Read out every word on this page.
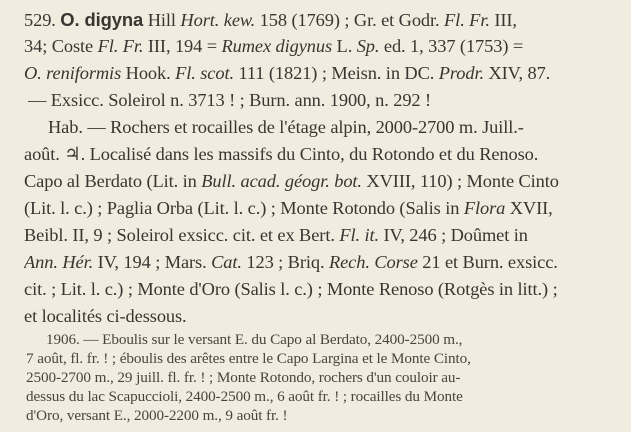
529. O. digyna Hill Hort. kew. 158 (1769) ; Gr. et Godr. Fl. Fr. III,
34; Coste Fl. Fr. III, 194 = Rumex digynus L. Sp. ed. 1, 337 (1753) =
O. reniformis Hook. Fl. scot. 111 (1821) ; Meisn. in DC. Prodr. XIV, 87.
— Exsicc. Soleirol n. 3713 ! ; Burn. ann. 1900, n. 292 !
Hab. — Rochers et rocailles de l'étage alpin, 2000-2700 m. Juill.-
août. ♃. Localisé dans les massifs du Cinto, du Rotondo et du Renoso.
Capo al Berdato (Lit. in Bull. acad. géogr. bot. XVIII, 110) ; Monte Cinto
(Lit. l. c.) ; Paglia Orba (Lit. l. c.) ; Monte Rotondo (Salis in Flora XVII,
Beibl. II, 9 ; Soleirol exsicc. cit. et ex Bert. Fl. it. IV, 246 ; Doûmet in
Ann. Hér. IV, 194 ; Mars. Cat. 123 ; Briq. Rech. Corse 21 et Burn. exsicc.
cit. ; Lit. l. c.) ; Monte d'Oro (Salis l. c.) ; Monte Renoso (Rotgès in litt.) ;
et localités ci-dessous.
1906. — Eboulis sur le versant E. du Capo al Berdato, 2400-2500 m.,
7 août, fl. fr. ! ; éboulis des arêtes entre le Capo Largina et le Monte Cinto,
2500-2700 m., 29 juill. fl. fr. ! ; Monte Rotondo, rochers d'un couloir au-
dessus du lac Scapuccioli, 2400-2500 m., 6 août fr. ! ; rocailles du Monte
d'Oro, versant E., 2000-2200 m., 9 août fr. !
